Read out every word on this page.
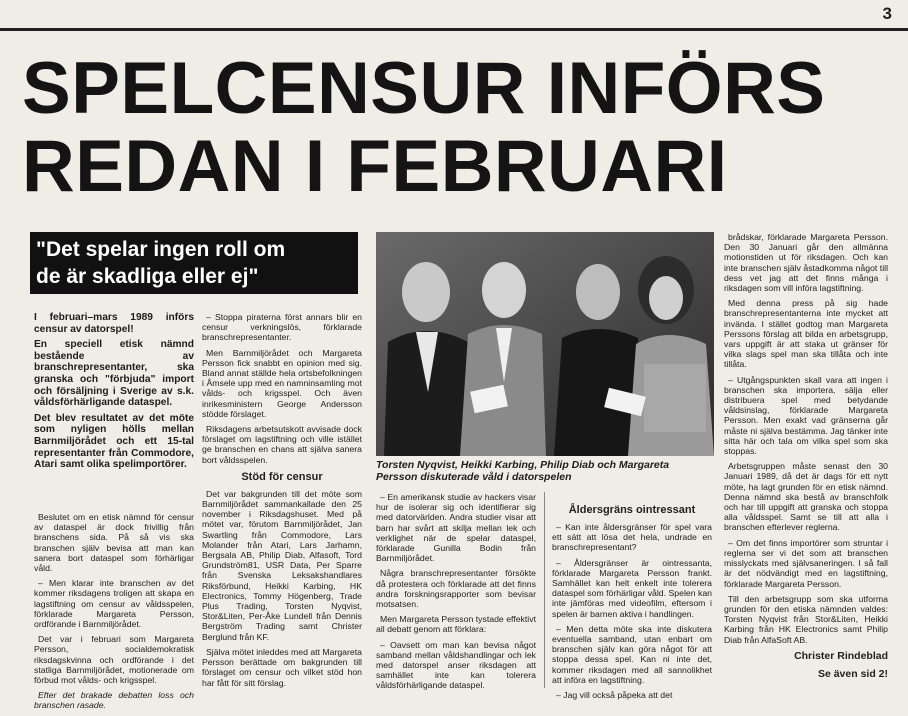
3
SPELCENSUR INFÖRS
REDAN I FEBRUARI
"Det spelar ingen roll om
de är skadliga eller ej"

I februari–mars 1989 införs censur av datorspel!

En speciell etisk nämnd bestående av branschrepresentanter, ska granska och "förbjuda" import och försäljning i Sverige av s.k. våldsförhärligande dataspel.

Det blev resultatet av det möte som nyligen hölls mellan Barnmiljörådet och ett 15-tal representanter från Commodore, Atari samt olika spelimportörer.

Beslutet om en etisk nämnd för censur av dataspel är dock frivillig från branschens sida. På så vis ska branschen själv bevisa att man kan sanera bort dataspel som förhärligar våld.

– Men klarar inte branschen av det kommer riksdagens troligen att skapa en lagstiftning om censur av våldsspelen, förklarade Margareta Persson, ordförande i Barnmiljörådet.

Det var i februari som Margareta Persson, socialdemokratisk riksdagskvinna och ordförande i det statliga Barnmiljörådet, motionerade om förbud mot vålds- och krigsspel.

Efter det brakade debatten loss och branschen rasade.

– Stoppa piraterna först annars blir en censur verkningslös, förklarade branschrepresentanter.

Men Barnmiljörådet och Margareta Persson fick snabbt en opinion med sig. Bland annat ställde hela ortsbefolkningen i Åmsele upp med en namninsamling mot vålds- och krigsspel. Och även inrikesministern George Andersson stödde förslaget.

Riksdagens arbetsutskott avvisade dock förslaget om lagstiftning och ville istället ge branschen en chans att själva sanera bort våldsspelen.

Stöd för censur

Det var bakgrunden till det möte som Barnmiljörådet sammankallade den 25 november i Riksdagshuset. Med på mötet var, förutom Barnmiljörådet, Jan Swartling från Commodore, Lars Molander från Atari, Lars Jarhamn, Bergsala AB, Philip Diab, Alfasoft, Tord Grundström81, USR Data, Per Sparre från Svenska Leksakshandlares Riksförbund, Heikki Karbing, HK Electronics, Tommy Högenberg, Trade Plus Trading, Torsten Nyqvist, Stor&Liten, Per-Åke Lundell från Dennis Bergström Trading samt Christer Berglund från KF.

Själva mötet inleddes med att Margareta Persson berättade om bakgrunden till förslaget om censur och vilket stöd hon har fått för sitt förslag.

Torsten Nyqvist, Heikki Karbing, Philip Diab och Margareta Persson diskuterade våld i datorspelen

– En amerikansk studie av hackers visar hur de isolerar sig och identifierar sig med datorvärlden. Andra studier visar att barn har svårt att skilja mellan lek och verklighet när de spelar dataspel, förklarade Gunilla Bodin från Barnmiljörådet.

Några branschrepresentanter försökte då protestera och förklarade att det finns andra forskningsrapporter som bevisar motsatsen.

Men Margareta Persson tystade effektivt all debatt genom att förklara:

– Oavsett om man kan bevisa något samband mellan våldshandlingar och lek med datorspel anser riksdagen att samhället inte kan tolerera våldsförhärligande dataspel.

Åldersgräns ointressant

– Kan inte åldersgränser för spel vara ett sätt att lösa det hela, undrade en branschrepresentant?

– Åldersgränser är ointressanta, förklarade Margareta Persson frankt. Samhället kan helt enkelt inte tolerera dataspel som förhärligar våld. Spelen kan inte jämföras med videofilm, eftersom i spelen är barnen aktiva i handlingen.

– Men detta möte ska inte diskutera eventuella samband, utan enbart om branschen själv kan göra något för att stoppa dessa spel. Kan ni inte det, kommer riksdagen med all sannolikhet att införa en lagstiftning.

– Jag vill också påpeka att det

brådskar, förklarade Margareta Persson. Den 30 Januari går den allmänna motionstiden ut för riksdagen. Och kan inte branschen själv åstadkomma något till dess vet jag att det finns många i riksdagen som vill införa lagstiftning.

Med denna press på sig hade branschrepresentanterna inte mycket att invända. I stället godtog man Margareta Perssons förslag att bilda en arbetsgrupp, vars uppgift är att staka ut gränser för vilka slags spel man ska tillåta och inte tillåta.

– Utgångspunkten skall vara att ingen i branschen ska importera, sälja eller distribuera spel med betydande våldsinslag, förklarade Margareta Persson. Men exakt vad gränserna går måste ni själva bestämma. Jag tänker inte sitta här och tala om vilka spel som ska stoppas.

Arbetsgruppen måste senast den 30 Januari 1989, då det är dags för ett nytt möte, ha lagt grunden för en etisk nämnd. Denna nämnd ska bestå av branschfolk och har till uppgift att granska och stoppa alla våldsspel. Samt se till att alla i branschen efterlever reglerna.

– Om det finns importörer som struntar i reglerna ser vi det som att branschen misslyckats med självsaneringen. I så fall är det nödvändigt med en lagstiftning, förklarade Margareta Persson.

Till den arbetsgrupp som ska utforma grunden för den etiska nämnden valdes: Torsten Nyqvist från Stor&Liten, Heikki Karbing från HK Electronics samt Philip Diab från AlfaSoft AB.

Christer Rindeblad
Se även sid 2!
